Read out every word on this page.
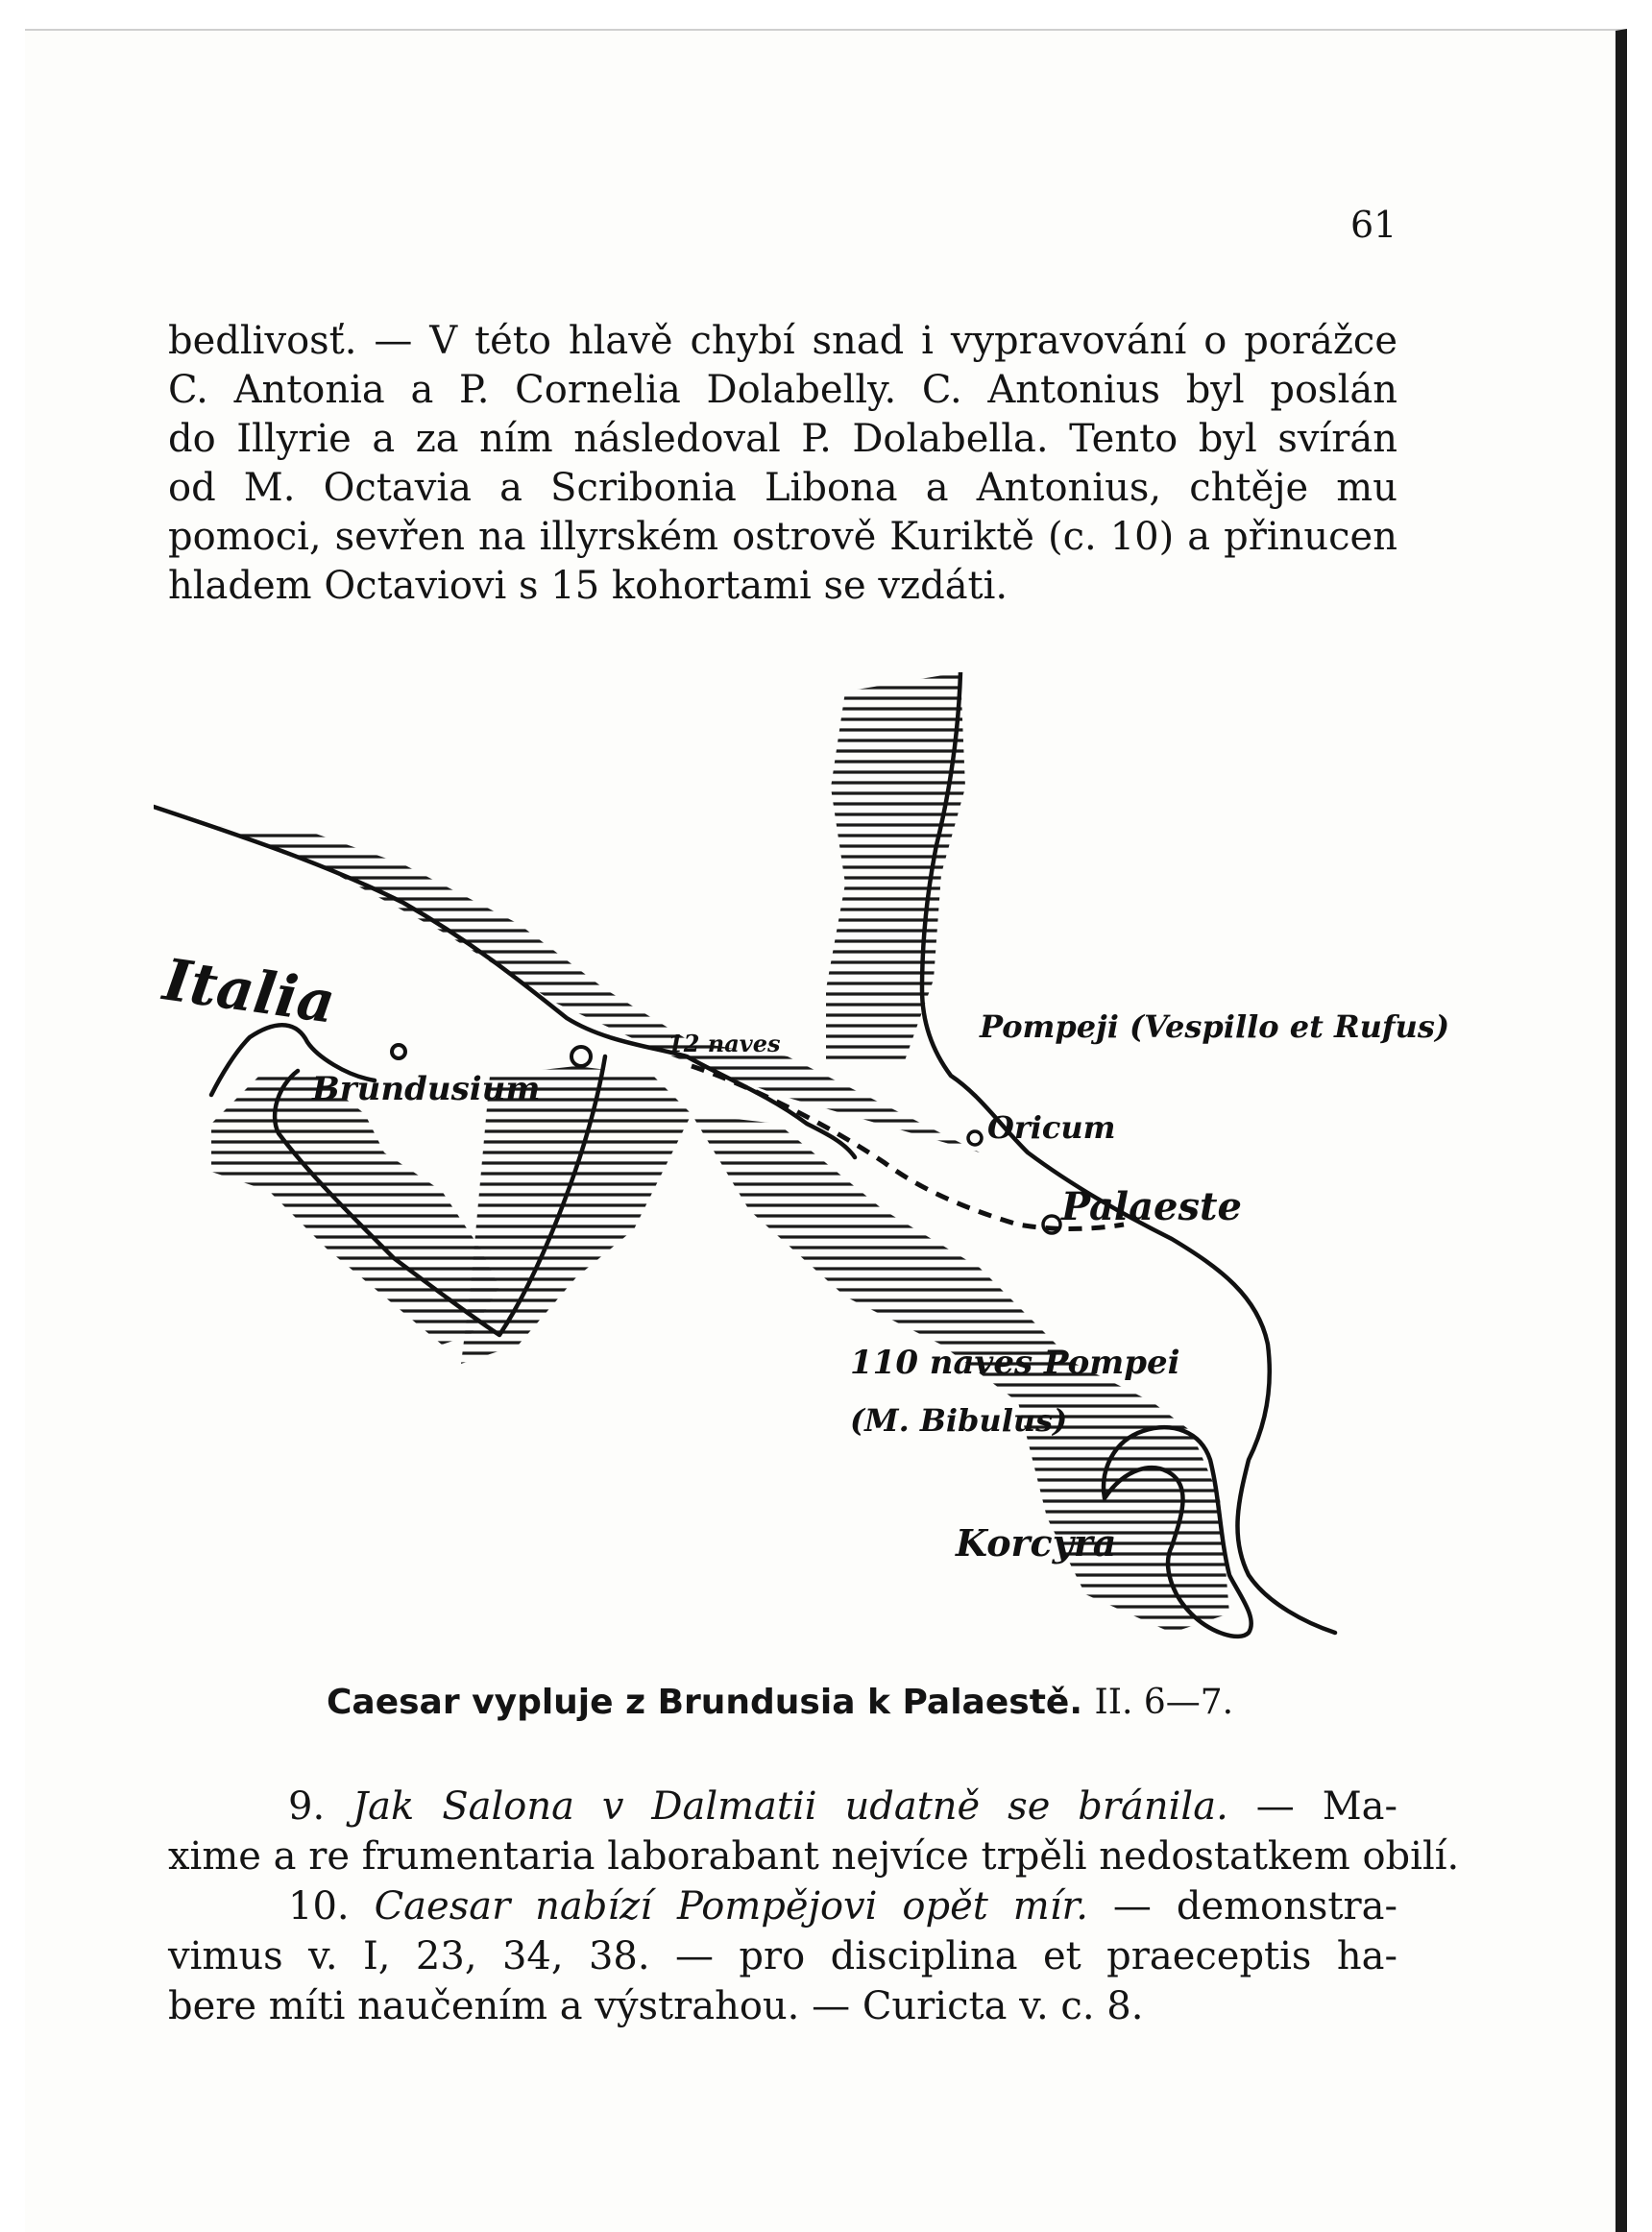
61
bedlivosť. — V této hlavě chybí snad i vypravování o porážce
C. Antonia a P. Cornelia Dolabelly. C. Antonius byl poslán
do Illyrie a za ním následoval P. Dolabella. Tento byl svírán
od M. Octavia a Scribonia Libona a Antonius, chtěje mu
pomoci, sevřen na illyrském ostrově Kuriktě (c. 10) a přinucen
hladem Octaviovi s 15 kohortami se vzdáti.
Italia
Brundusium
12 naves	Pompeji (Vespillo et Rufus)
Oricum
Palaeste
110 naves Pompei
(M. Bibulus)
Korcyra
Caesar vypluje z Brundusia k Palaestě. II. 6—7.
9. Jak Salona v Dalmatii udatně se bránila. — Ma-
xime a re frumentaria laborabant nejvíce trpěli nedostatkem obilí.
10. Caesar nabízí Pompějovi opět mír. — demonstra-
vimus v. I, 23, 34, 38. — pro disciplina et praeceptis ha-
bere míti naučením a výstrahou. — Curicta v. c. 8.
